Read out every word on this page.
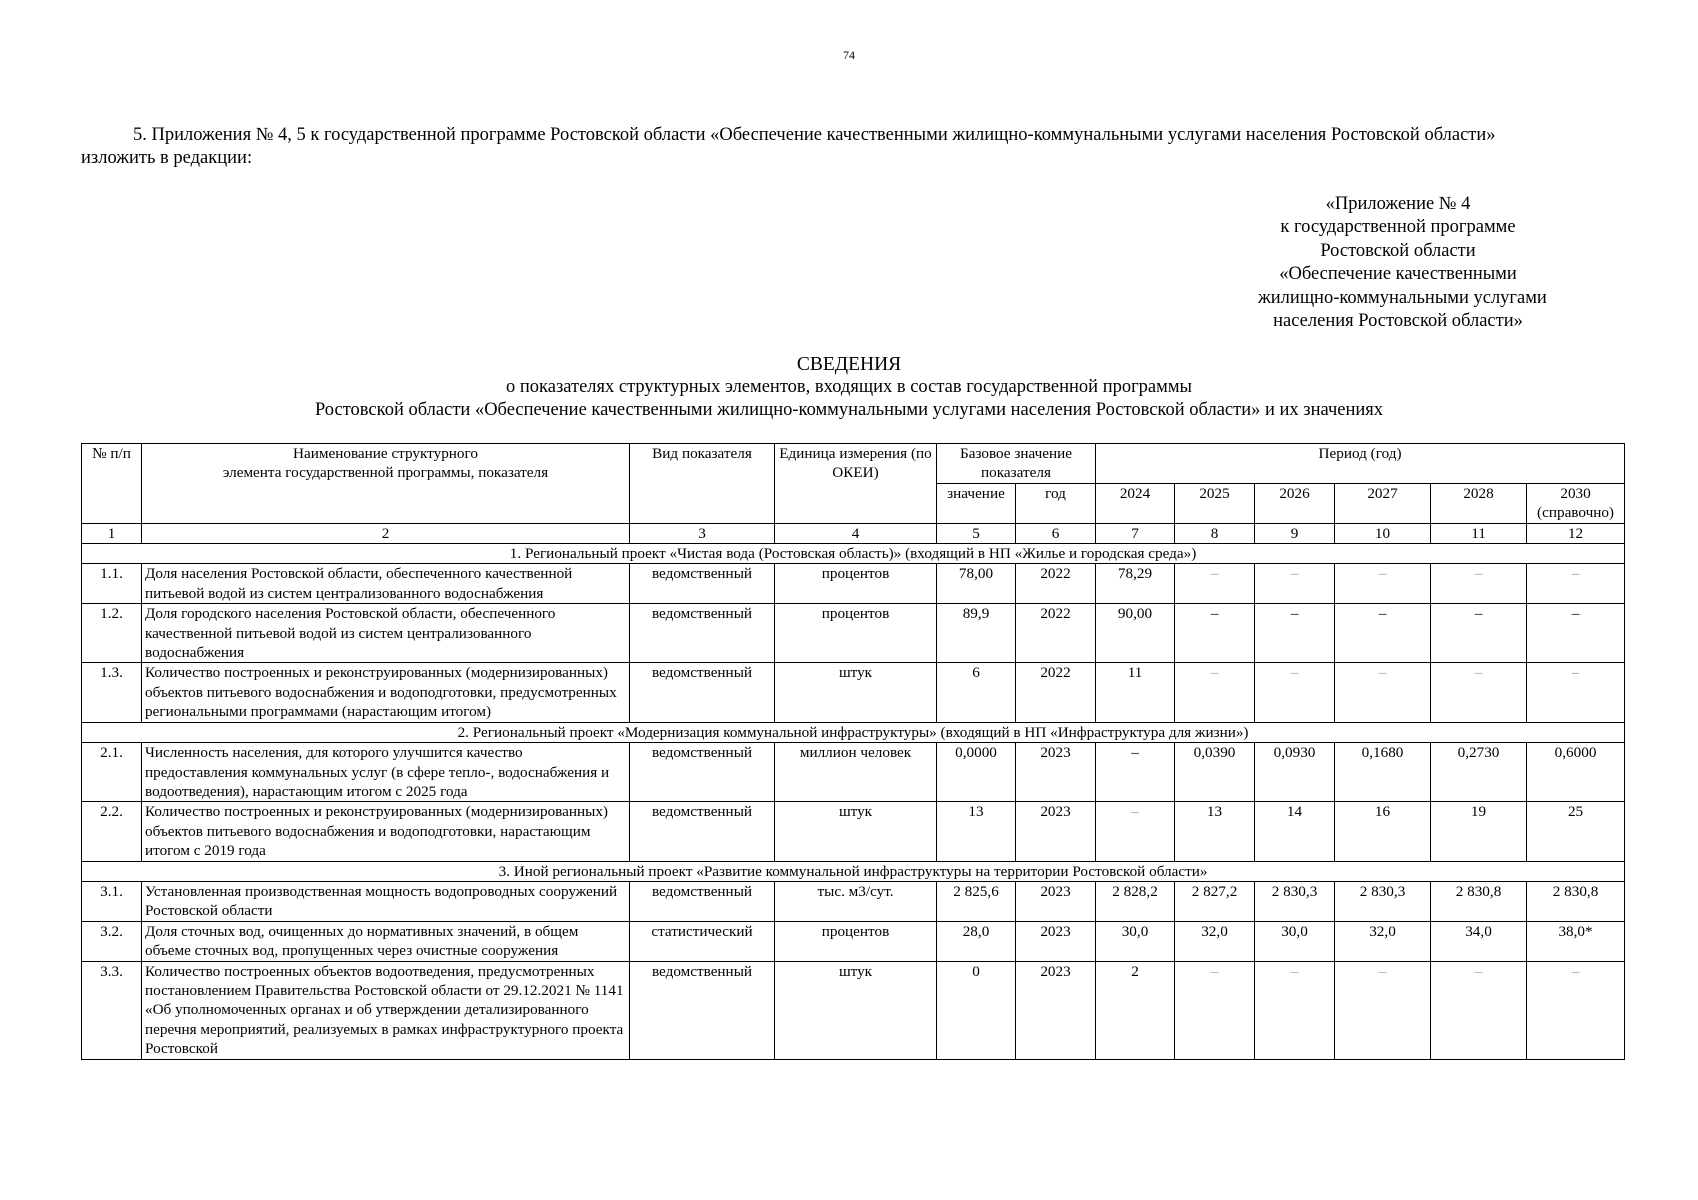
74
5. Приложения № 4, 5 к государственной программе Ростовской области «Обеспечение качественными жилищно-коммунальными услугами населения Ростовской области»
изложить в редакции:
«Приложение № 4
к государственной программе
Ростовской области
«Обеспечение качественными
жилищно-коммунальными услугами
населения Ростовской области»
СВЕДЕНИЯ
о показателях структурных элементов, входящих в состав государственной программы
Ростовской области «Обеспечение качественными жилищно-коммунальными услугами населения Ростовской области» и их значениях
№ п/п	Наименование структурного
элемента государственной программы, показателя	Вид показателя	Единица измерения (по ОКЕИ)	Базовое значение показателя		Период (год)					
				значение	год	2024	2025	2026	2027	2028	2030 (справочно)
1	2	3	4	5	6	7	8	9	10	11	12
1. Региональный проект «Чистая вода (Ростовская область)» (входящий в НП «Жилье и городская среда»)											
1.1.	Доля населения Ростовской области, обеспеченного качественной питьевой водой из систем централизованного водоснабжения	ведомственный	процентов	78,00	2022	78,29	–	–	–	–	–
1.2.	Доля городского населения Ростовской области, обеспеченного качественной питьевой водой из систем централизованного водоснабжения	ведомственный	процентов	89,9	2022	90,00	–	–	–	–	–
1.3.	Количество построенных и реконструированных (модернизированных) объектов питьевого водоснабжения и водоподготовки, предусмотренных региональными программами (нарастающим итогом)	ведомственный	штук	6	2022	11	–	–	–	–	–
2. Региональный проект «Модернизация коммунальной инфраструктуры» (входящий в НП «Инфраструктура для жизни»)											
2.1.	Численность населения, для которого улучшится качество предоставления коммунальных услуг (в сфере тепло-, водоснабжения и водоотведения), нарастающим итогом с 2025 года	ведомственный	миллион человек	0,0000	2023	–	0,0390	0,0930	0,1680	0,2730	0,6000
2.2.	Количество построенных и реконструированных (модернизированных) объектов питьевого водоснабжения и водоподготовки, нарастающим итогом с 2019 года	ведомственный	штук	13	2023	–	13	14	16	19	25
3. Иной региональный проект «Развитие коммунальной инфраструктуры на территории Ростовской области»											
3.1.	Установленная производственная мощность водопроводных сооружений Ростовской области	ведомственный	тыс. м3/сут.	2 825,6	2023	2 828,2	2 827,2	2 830,3	2 830,3	2 830,8	2 830,8
3.2.	Доля сточных вод, очищенных до нормативных значений, в общем объеме сточных вод, пропущенных через очистные сооружения	статистический	процентов	28,0	2023	30,0	32,0	30,0	32,0	34,0	38,0*
3.3.	Количество построенных объектов водоотведения, предусмотренных постановлением Правительства Ростовской области от 29.12.2021 № 1141 «Об уполномоченных органах и об утверждении детализированного перечня мероприятий, реализуемых в рамках инфраструктурного проекта Ростовской	ведомственный	штук	0	2023	2	–	–	–	–	–
